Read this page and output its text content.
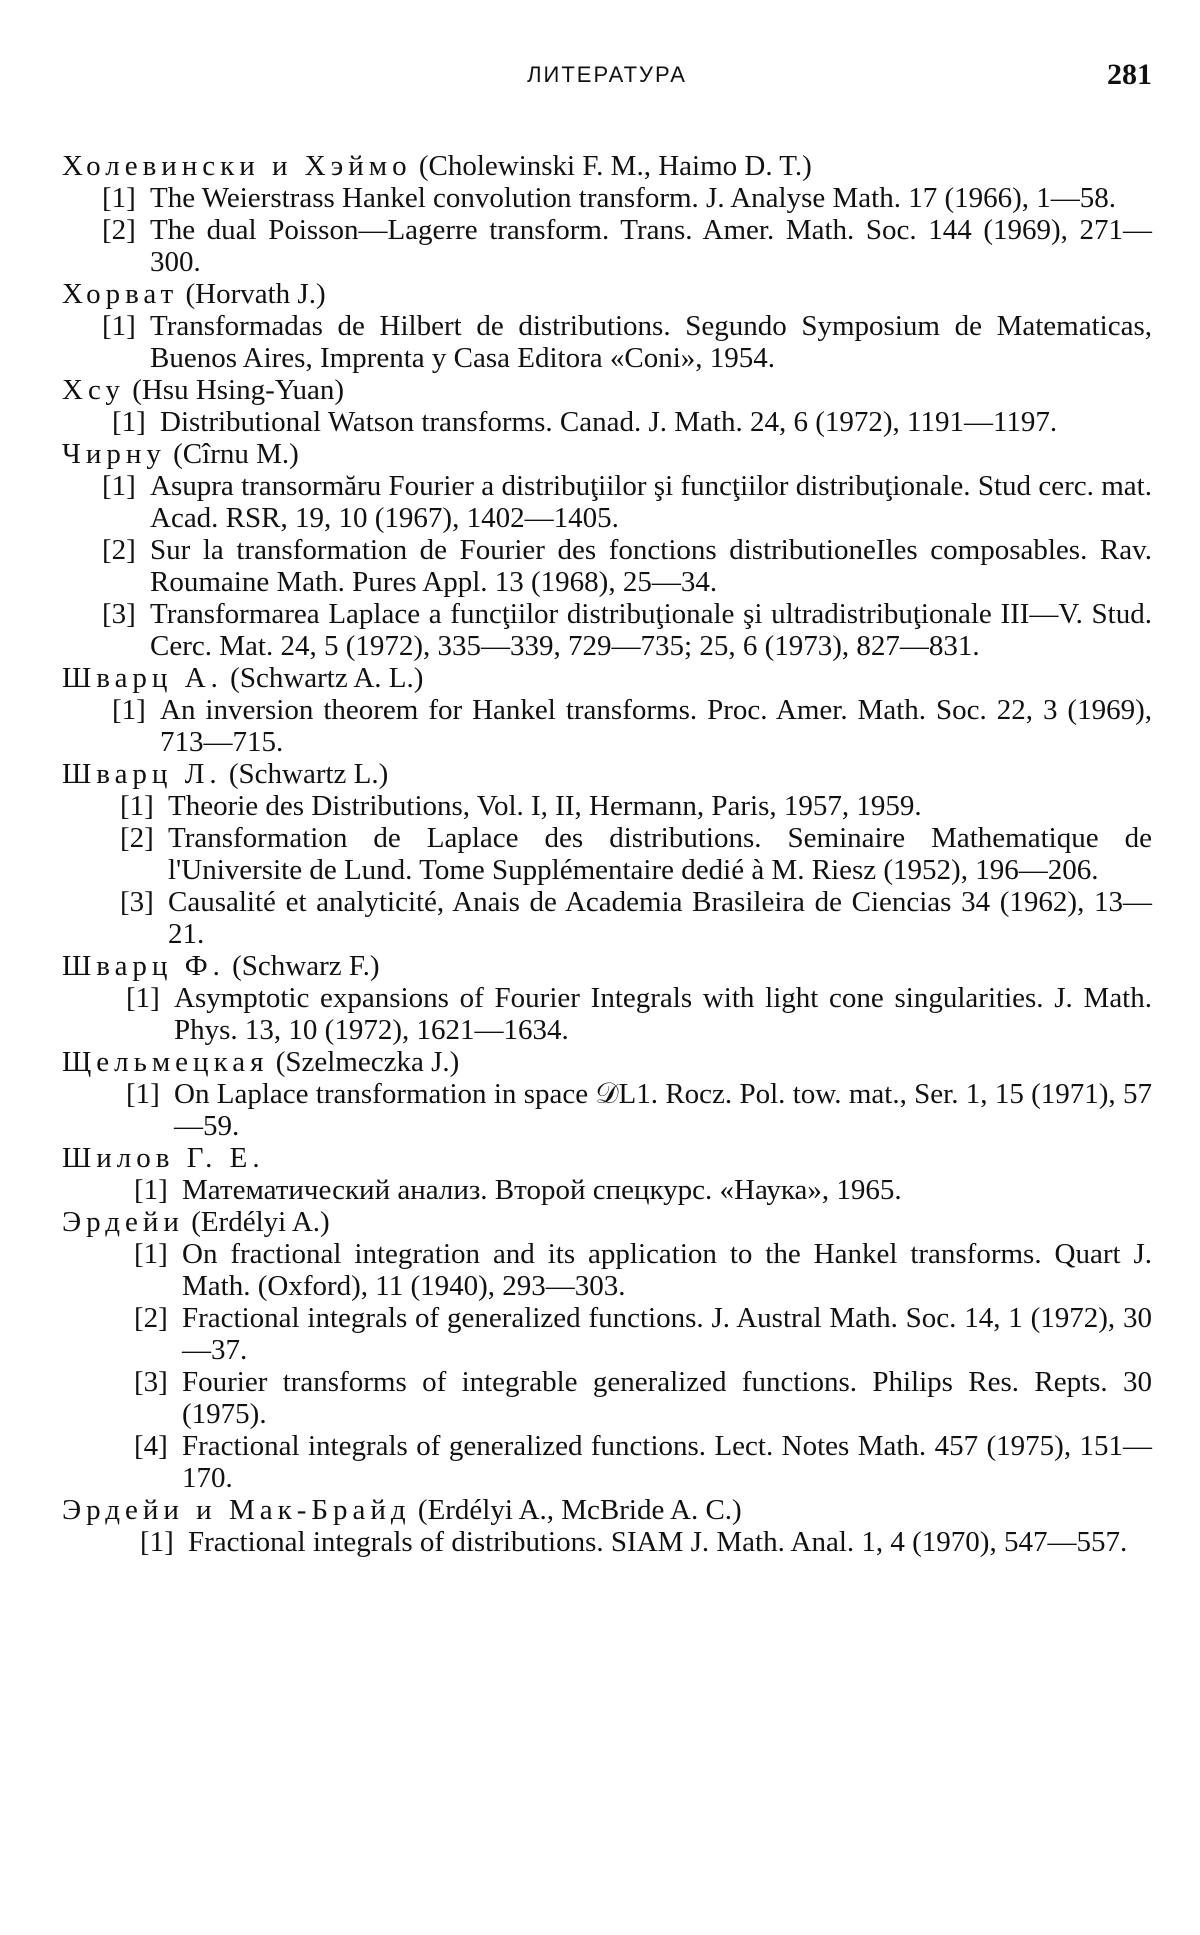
ЛИТЕРАТУРА	281
Холевински и Хэймо (Cholewinski F. M., Haimo D. T.)
[1] The Weierstrass Hankel convolution transform. J. Analyse Math. 17 (1966), 1—58.
[2] The dual Poisson—Lagerre transform. Trans. Amer. Math. Soc. 144 (1969), 271—300.
Хорват (Horvath J.)
[1] Transformadas de Hilbert de distributions. Segundo Symposium de Matematicas, Buenos Aires, Imprenta y Casa Editora «Coni», 1954.
Хсу (Hsu Hsing-Yuan)
[1] Distributional Watson transforms. Canad. J. Math. 24, 6 (1972), 1191—1197.
Чирну (Cîrnu M.)
[1] Asupra transormăru Fourier a distribuţiilor şi funcţiilor distribuţionale. Stud cerc. mat. Acad. RSR, 19, 10 (1967), 1402—1405.
[2] Sur la transformation de Fourier des fonctions distributioneIles composables. Rav. Roumaine Math. Pures Appl. 13 (1968), 25—34.
[3] Transformarea Laplace a funcţiilor distribuţionale şi ultradistribuţionale III—V. Stud. Cerc. Mat. 24, 5 (1972), 335—339, 729—735; 25, 6 (1973), 827—831.
Шварц А. (Schwartz A. L.)
[1] An inversion theorem for Hankel transforms. Proc. Amer. Math. Soc. 22, 3 (1969), 713—715.
Шварц Л. (Schwartz L.)
[1] Theorie des Distributions, Vol. I, II, Hermann, Paris, 1957, 1959.
[2] Transformation de Laplace des distributions. Seminaire Mathematique de l'Universite de Lund. Tome Supplémentaire dedié à M. Riesz (1952), 196—206.
[3] Causalité et analyticité, Anais de Academia Brasileira de Ciencias 34 (1962), 13—21.
Шварц Ф. (Schwarz F.)
[1] Asymptotic expansions of Fourier Integrals with light cone singularities. J. Math. Phys. 13, 10 (1972), 1621—1634.
Щельмецкая (Szelmeczka J.)
[1] On Laplace transformation in space 𝒟L1. Rocz. Pol. tow. mat., Ser. 1, 15 (1971), 57—59.
Шилов Г. Е.
[1] Математический анализ. Второй спецкурс. «Наука», 1965.
Эрдейи (Erdélyi A.)
[1] On fractional integration and its application to the Hankel transforms. Quart J. Math. (Oxford), 11 (1940), 293—303.
[2] Fractional integrals of generalized functions. J. Austral Math. Soc. 14, 1 (1972), 30—37.
[3] Fourier transforms of integrable generalized functions. Philips Res. Repts. 30 (1975).
[4] Fractional integrals of generalized functions. Lect. Notes Math. 457 (1975), 151—170.
Эрдейи и Мак-Брайд (Erdélyi A., McBride A. C.)
[1] Fractional integrals of distributions. SIAM J. Math. Anal. 1, 4 (1970), 547—557.
